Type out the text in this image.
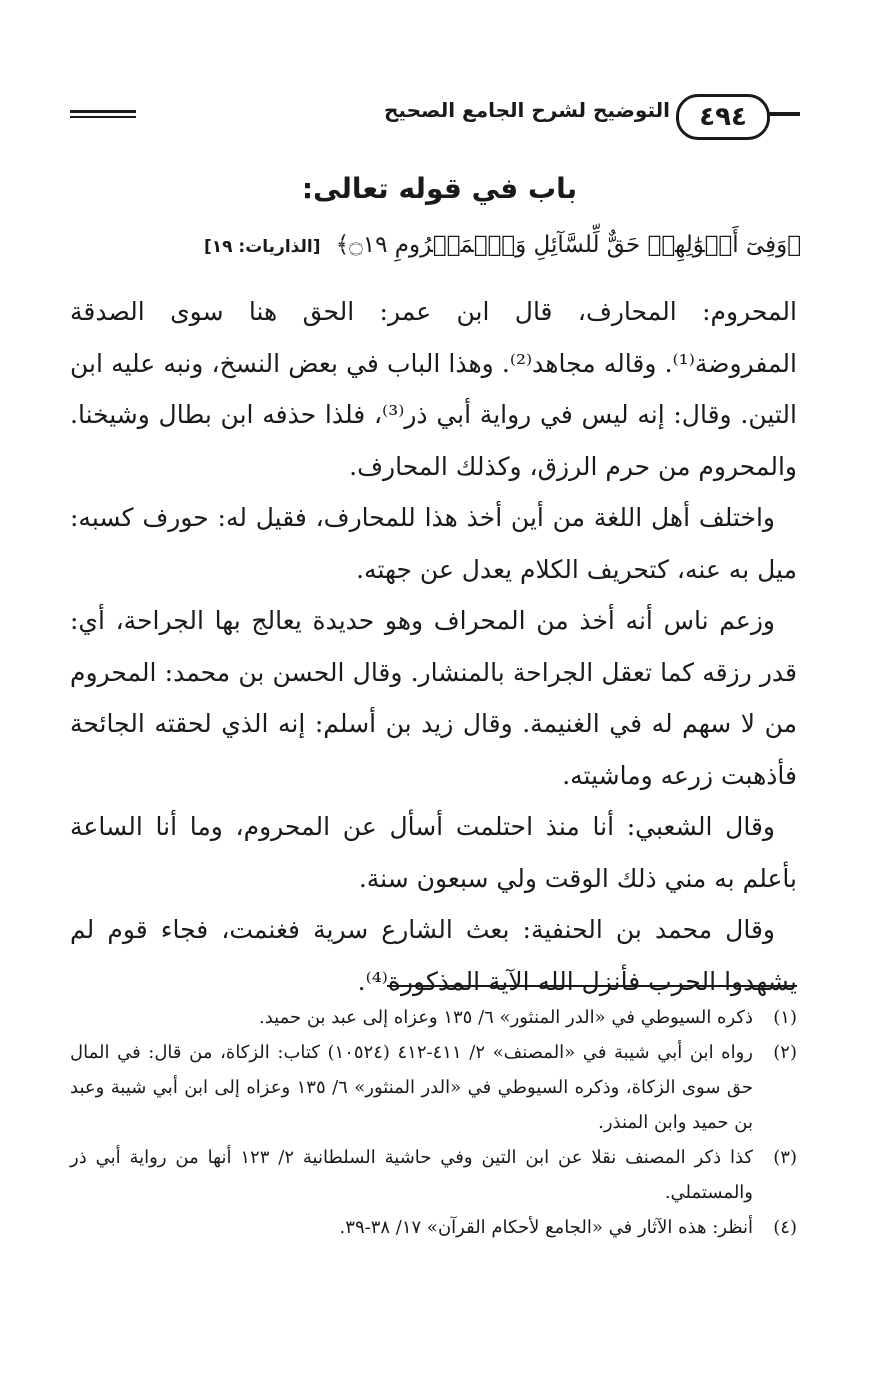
٤٩٤
التوضيح لشرح الجامع الصحيح
باب في قوله تعالى:
﴿وَفِىٓ أَمۡوَٰلِهِمۡ حَقٌّ لِّلسَّآئِلِ وَٱلۡمَحۡرُومِ ۝١٩﴾ [الذاريات: ١٩]

المحروم: المحارف، قال ابن عمر: الحق هنا سوى الصدقة المفروضة⁽¹⁾. وقاله مجاهد⁽²⁾. وهذا الباب في بعض النسخ، ونبه عليه ابن التين. وقال: إنه ليس في رواية أبي ذر⁽³⁾، فلذا حذفه ابن بطال وشيخنا. والمحروم من حرم الرزق، وكذلك المحارف.

واختلف أهل اللغة من أين أخذ هذا للمحارف، فقيل له: حورف كسبه: ميل به عنه، كتحريف الكلام يعدل عن جهته.

وزعم ناس أنه أخذ من المحراف وهو حديدة يعالج بها الجراحة، أي: قدر رزقه كما تعقل الجراحة بالمنشار. وقال الحسن بن محمد: المحروم من لا سهم له في الغنيمة. وقال زيد بن أسلم: إنه الذي لحقته الجائحة فأذهبت زرعه وماشيته.

وقال الشعبي: أنا منذ احتلمت أسأل عن المحروم، وما أنا الساعة بأعلم به مني ذلك الوقت ولي سبعون سنة.

وقال محمد بن الحنفية: بعث الشارع سرية فغنمت، فجاء قوم لم يشهدوا الحرب فأنزل الله الآية المذكورة⁽⁴⁾.

(١)
ذكره السيوطي في «الدر المنثور» ٦/ ١٣٥ وعزاه إلى عبد بن حميد.
(٢)
رواه ابن أبي شيبة في «المصنف» ٢/ ٤١١-٤١٢ (١٠٥٢٤) كتاب: الزكاة، من قال: في المال حق سوى الزكاة، وذكره السيوطي في «الدر المنثور» ٦/ ١٣٥ وعزاه إلى ابن أبي شيبة وعبد بن حميد وابن المنذر.
(٣)
كذا ذكر المصنف نقلا عن ابن التين وفي حاشية السلطانية ٢/ ١٢٣ أنها من رواية أبي ذر والمستملي.
(٤)
أنظر: هذه الآثار في «الجامع لأحكام القرآن» ١٧/ ٣٨-٣٩.
